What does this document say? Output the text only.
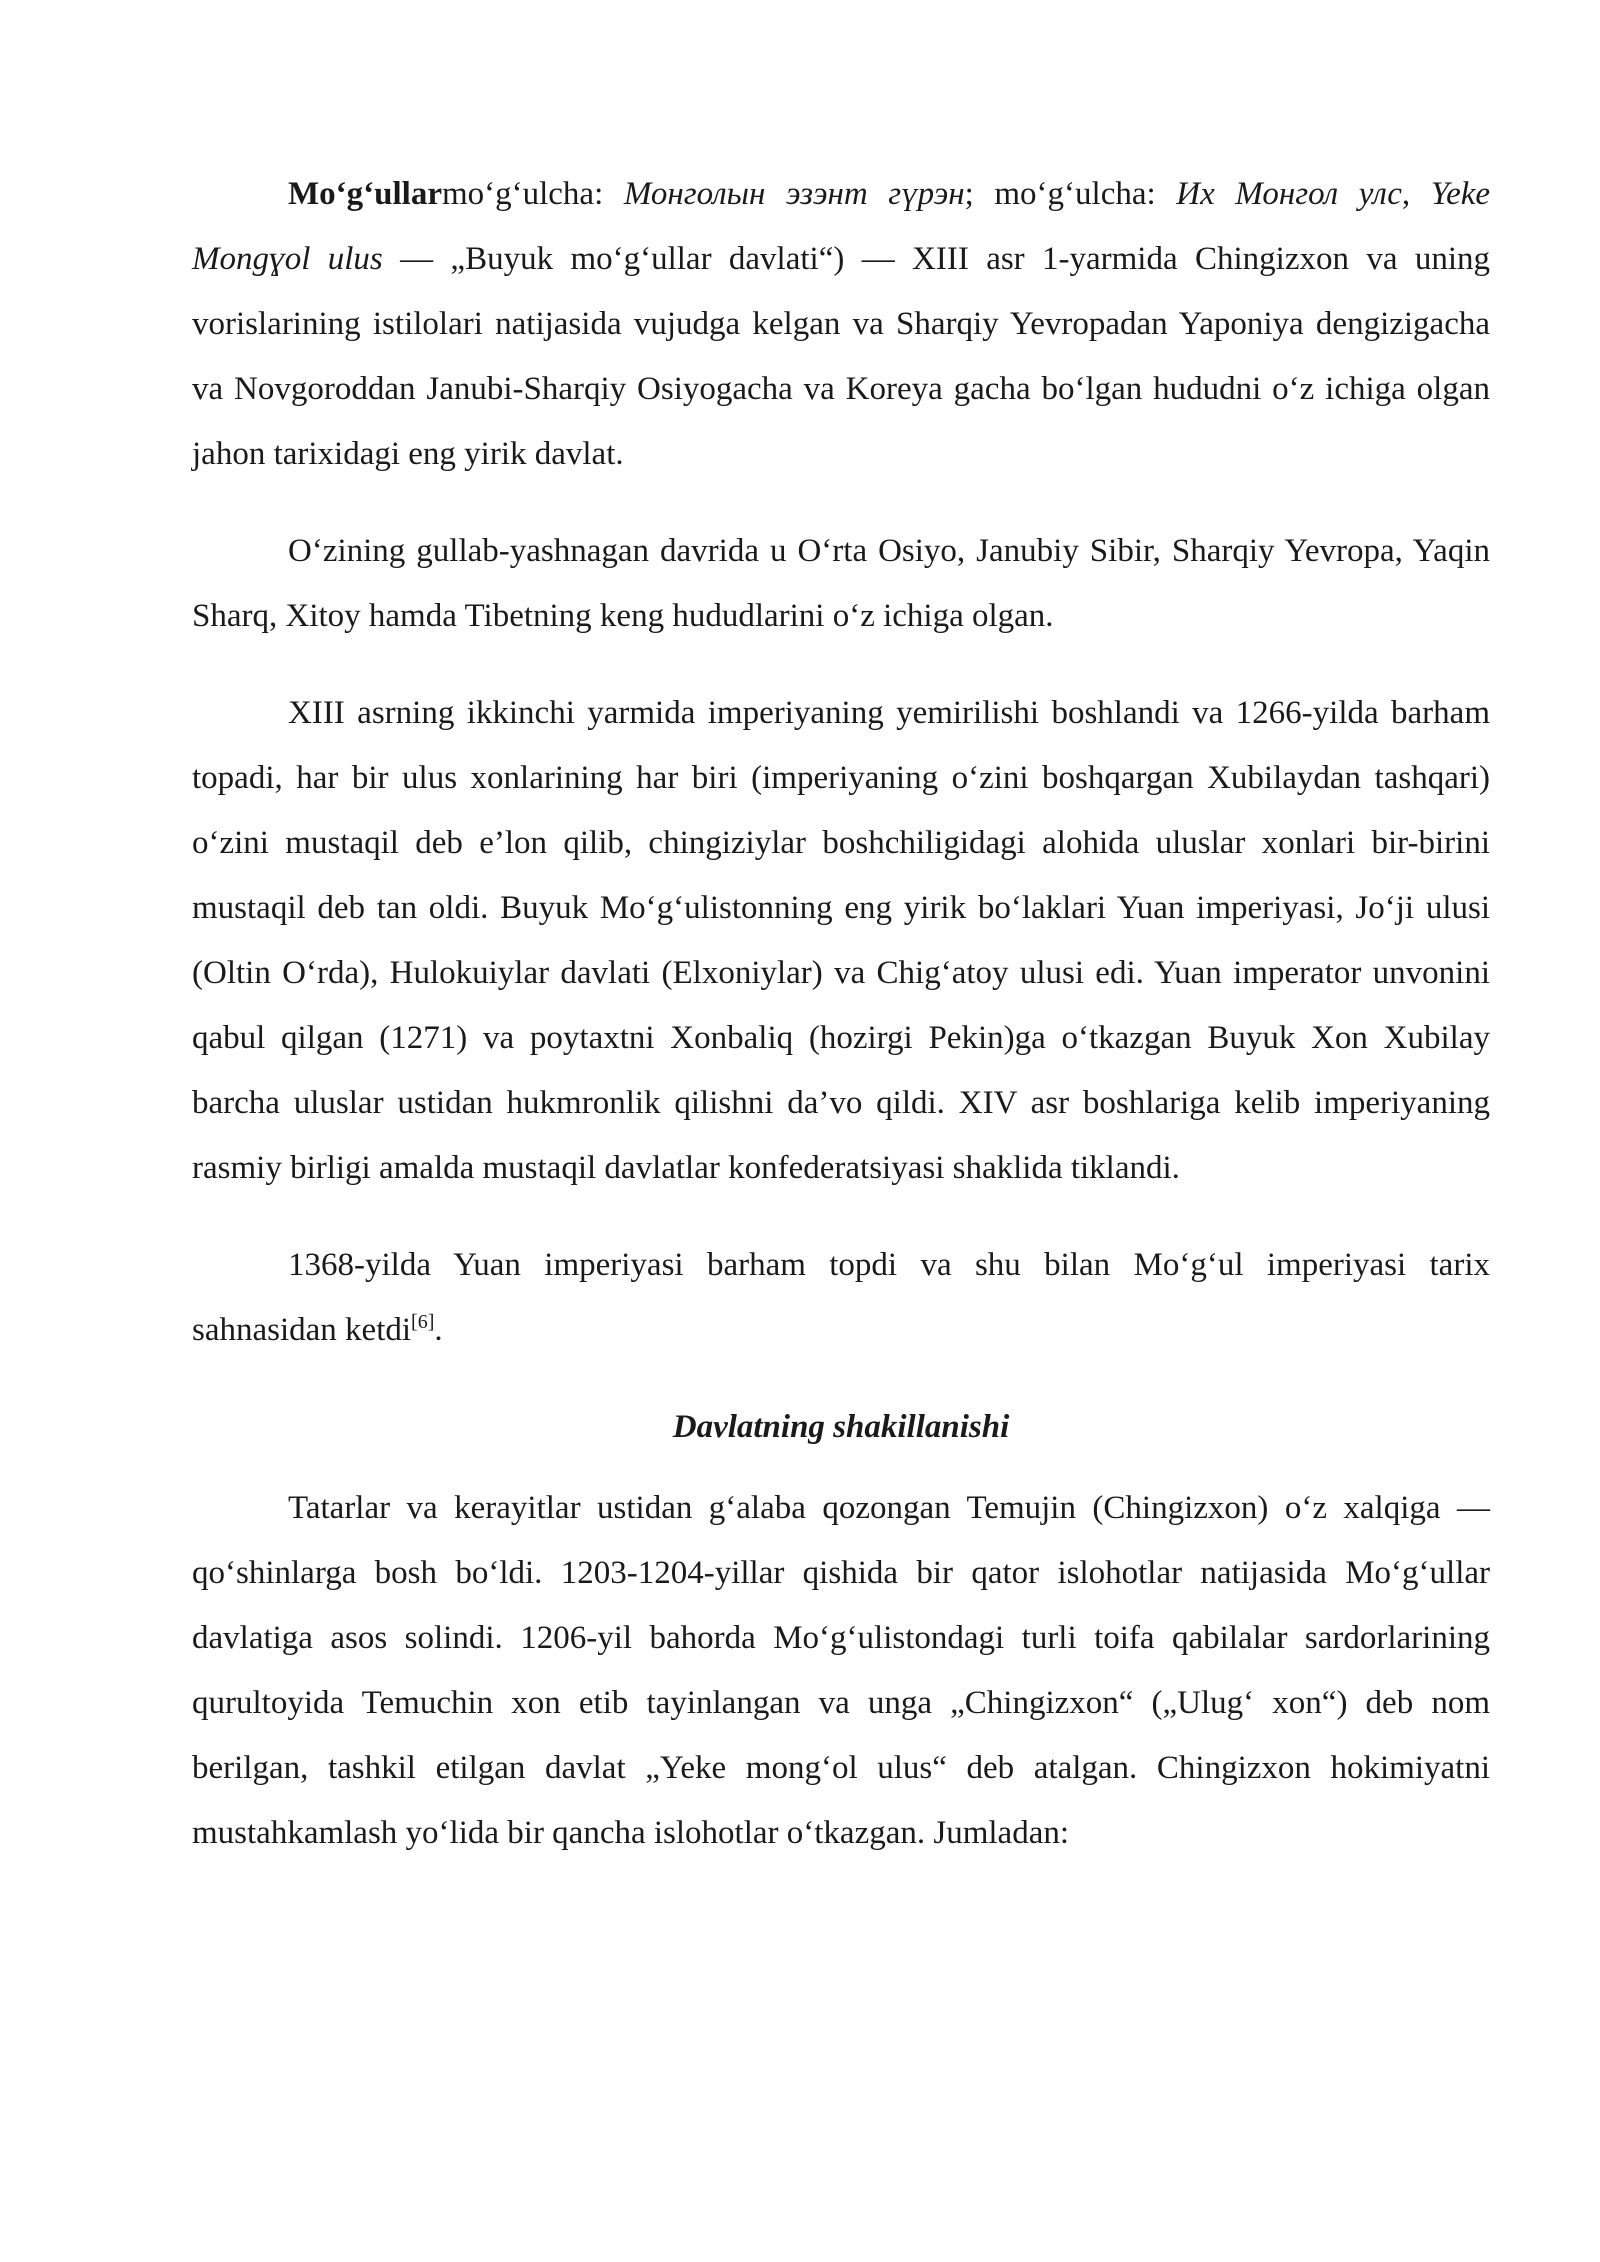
Moʻgʻullarmoʻgʻulcha: Монголын эзэнт гүрэн; moʻgʻulcha: Их Монгол улс, Yeke Mongɣol ulus — „Buyuk moʻgʻullar davlati“) — XIII asr 1-yarmida Chingizxon va uning vorislarining istilolari natijasida vujudga kelgan va Sharqiy Yevropadan Yaponiya dengizigacha va Novgoroddan Janubi-Sharqiy Osiyogacha va Koreya gacha boʻlgan hududni oʻz ichiga olgan jahon tarixidagi eng yirik davlat.

Oʻzining gullab-yashnagan davrida u Oʻrta Osiyo, Janubiy Sibir, Sharqiy Yevropa, Yaqin Sharq, Xitoy hamda Tibetning keng hududlarini oʻz ichiga olgan.

XIII asrning ikkinchi yarmida imperiyaning yemirilishi boshlandi va 1266-yilda barham topadi, har bir ulus xonlarining har biri (imperiyaning oʻzini boshqargan Xubilaydan tashqari) oʻzini mustaqil deb e’lon qilib, chingiziylar boshchiligidagi alohida uluslar xonlari bir-birini mustaqil deb tan oldi. Buyuk Moʻgʻulistonning eng yirik boʻlaklari Yuan imperiyasi, Joʻji ulusi (Oltin Oʻrda), Hulokuiylar davlati (Elxoniylar) va Chigʻatoy ulusi edi. Yuan imperator unvonini qabul qilgan (1271) va poytaxtni Xonbaliq (hozirgi Pekin)ga oʻtkazgan Buyuk Xon Xubilay barcha uluslar ustidan hukmronlik qilishni da’vo qildi. XIV asr boshlariga kelib imperiyaning rasmiy birligi amalda mustaqil davlatlar konfederatsiyasi shaklida tiklandi.

1368-yilda Yuan imperiyasi barham topdi va shu bilan Moʻgʻul imperiyasi tarix sahnasidan ketdi[6].

Davlatning shakillanishi

Tatarlar va kerayitlar ustidan gʻalaba qozongan Temujin (Chingizxon) oʻz xalqiga — qoʻshinlarga bosh boʻldi. 1203-1204-yillar qishida bir qator islohotlar natijasida Moʻgʻullar davlatiga asos solindi. 1206-yil bahorda Moʻgʻulistondagi turli toifa qabilalar sardorlarining qurultoyida Temuchin xon etib tayinlangan va unga „Chingizxon“ („Ulugʻ xon“) deb nom berilgan, tashkil etilgan davlat „Yeke mongʻol ulus“ deb atalgan. Chingizxon hokimiyatni mustahkamlash yoʻlida bir qancha islohotlar oʻtkazgan. Jumladan:
